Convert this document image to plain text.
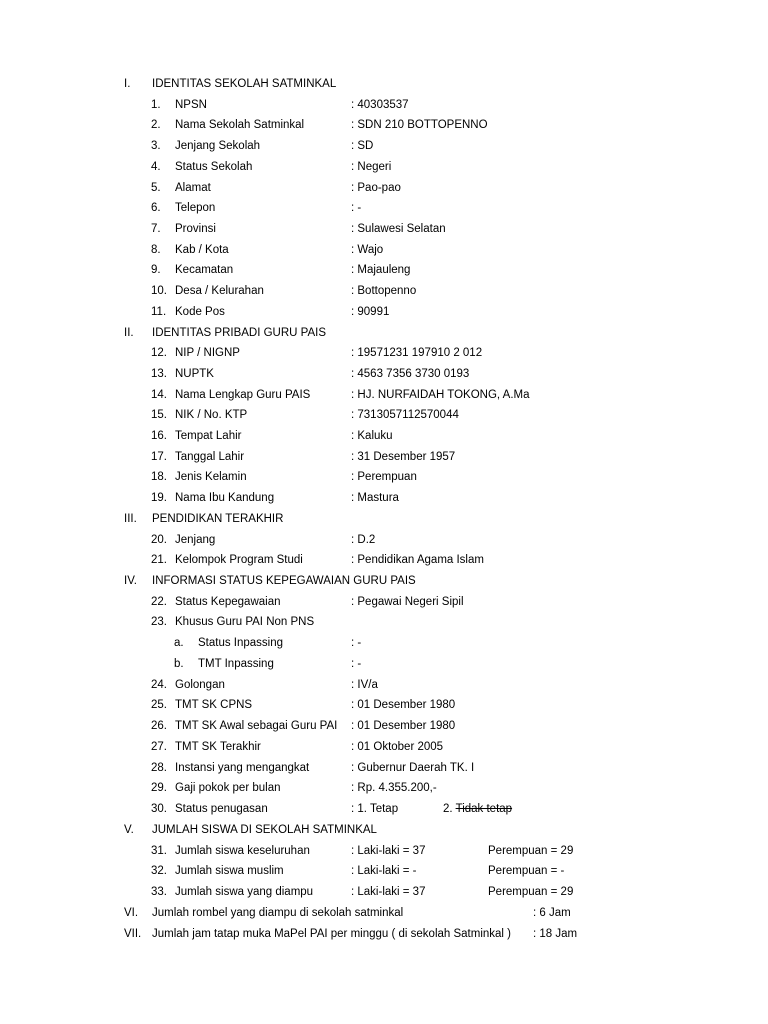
I. IDENTITAS SEKOLAH SATMINKAL
1. NPSN	: 40303537
2. Nama Sekolah Satminkal	: SDN 210 BOTTOPENNO
3. Jenjang Sekolah	: SD
4. Status Sekolah	: Negeri
5. Alamat	: Pao-pao
6. Telepon	: -
7. Provinsi	: Sulawesi Selatan
8. Kab / Kota	: Wajo
9. Kecamatan	: Majauleng
10. Desa / Kelurahan	: Bottopenno
11. Kode Pos	: 90991
II. IDENTITAS PRIBADI GURU PAIS
12. NIP / NIGNP	: 19571231 197910 2 012
13. NUPTK	: 4563 7356 3730 0193
14. Nama Lengkap Guru PAIS	: HJ. NURFAIDAH TOKONG, A.Ma
15. NIK / No. KTP	: 7313057112570044
16. Tempat Lahir	: Kaluku
17. Tanggal Lahir	: 31 Desember 1957
18. Jenis Kelamin	: Perempuan
19. Nama Ibu Kandung	: Mastura
III. PENDIDIKAN TERAKHIR
20. Jenjang	: D.2
21. Kelompok Program Studi	: Pendidikan Agama Islam
IV. INFORMASI STATUS KEPEGAWAIAN GURU PAIS
22. Status Kepegawaian	: Pegawai Negeri Sipil
23. Khusus Guru PAI Non PNS
a. Status Inpassing	: -
b. TMT Inpassing	: -
24. Golongan	: IV/a
25. TMT SK CPNS	: 01 Desember 1980
26. TMT SK Awal sebagai Guru PAI : 01 Desember 1980
27. TMT SK Terakhir	: 01 Oktober 2005
28. Instansi yang mengangkat	: Gubernur Daerah TK. I
29. Gaji pokok per bulan	: Rp. 4.355.200,-
30. Status penugasan	: 1. Tetap	2. Tidak tetap
V. JUMLAH SISWA DI SEKOLAH SATMINKAL
31. Jumlah siswa keseluruhan	: Laki-laki = 37	Perempuan = 29
32. Jumlah siswa muslim	: Laki-laki = -	Perempuan = -
33. Jumlah siswa yang diampu	: Laki-laki = 37	Perempuan = 29
VI. Jumlah rombel yang diampu di sekolah satminkal	: 6 Jam
VII. Jumlah jam tatap muka MaPel PAI per minggu ( di sekolah Satminkal ) : 18 Jam
